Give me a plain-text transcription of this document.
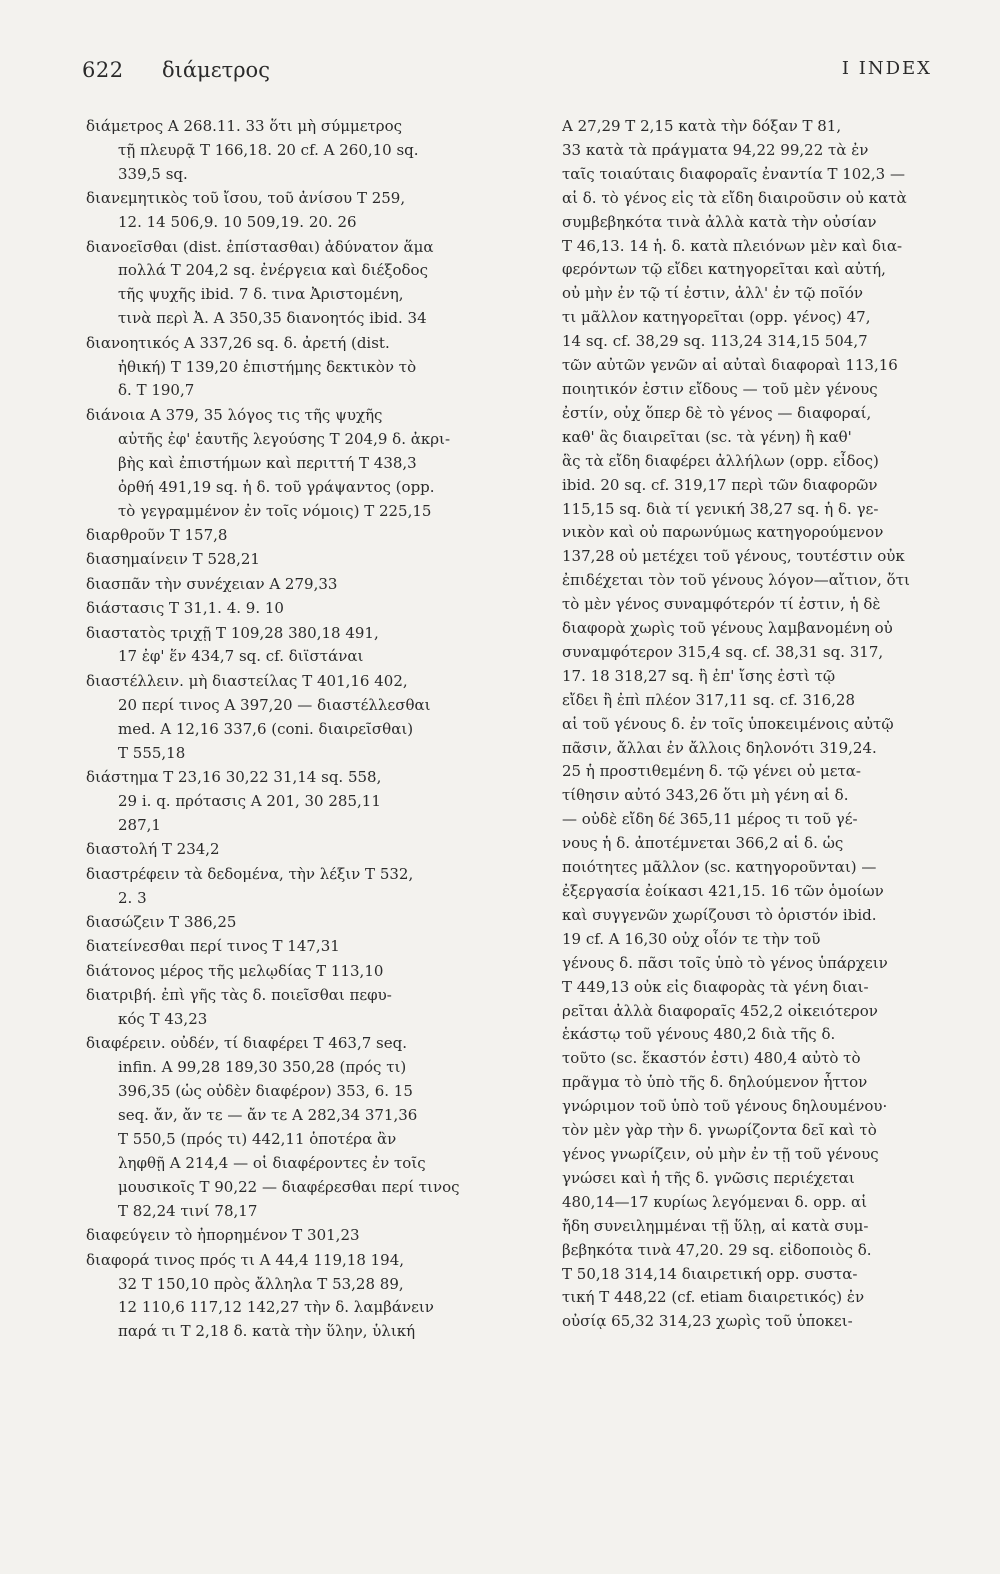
622 διάμετρος	I INDEX
διάμετρος Α 268.11. 33 ὅτι μὴ σύμμετρος
τῇ πλευρᾷ Τ 166,18. 20 cf. Α 260,10 sq.
339,5 sq.
διανεμητικὸς τοῦ ἴσου, τοῦ ἀνίσου Τ 259,
12. 14 506,9. 10 509,19. 20. 26
διανοεῖσθαι (dist. ἐπίστασθαι) ἀδύνατον ἅμα
πολλά Τ 204,2 sq. ἐνέργεια καὶ διέξοδος
τῆς ψυχῆς ibid. 7 δ. τινα Ἀριστομένη,
τινὰ περὶ Ἀ. Α 350,35 διανοητός ibid. 34
διανοητικός Α 337,26 sq. δ. ἀρετή (dist.
ἠθική) Τ 139,20 ἐπιστήμης δεκτικὸν τὸ
δ. Τ 190,7
διάνοια Α 379, 35 λόγος τις τῆς ψυχῆς
αὐτῆς ἐφ' ἑαυτῆς λεγούσης Τ 204,9 δ. ἀκρι-
βὴς καὶ ἐπιστήμων καὶ περιττή Τ 438,3
ὀρθή 491,19 sq. ἡ δ. τοῦ γράψαντος (opp.
τὸ γεγραμμένον ἐν τοῖς νόμοις) Τ 225,15
διαρθροῦν Τ 157,8
διασημαίνειν Τ 528,21
διασπᾶν τὴν συνέχειαν Α 279,33
διάστασις Τ 31,1. 4. 9. 10
διαστατὸς τριχῇ Τ 109,28 380,18 491,
17 ἐφ' ἕν 434,7 sq. cf. διϊστάναι
διαστέλλειν. μὴ διαστείλας Τ 401,16 402,
20 περί τινος Α 397,20 — διαστέλλεσθαι
med. Α 12,16 337,6 (coni. διαιρεῖσθαι)
Τ 555,18
διάστημα Τ 23,16 30,22 31,14 sq. 558,
29 i. q. πρότασις Α 201, 30 285,11
287,1
διαστολή Τ 234,2
διαστρέφειν τὰ δεδομένα, τὴν λέξιν Τ 532,
2. 3
διασώζειν Τ 386,25
διατείνεσθαι περί τινος Τ 147,31
διάτονος μέρος τῆς μελῳδίας Τ 113,10
διατριβή. ἐπὶ γῆς τὰς δ. ποιεῖσθαι πεφυ-
κός Τ 43,23
διαφέρειν. οὐδέν, τί διαφέρει Τ 463,7 seq.
infin. Α 99,28 189,30 350,28 (πρός τι)
396,35 (ὡς οὐδὲν διαφέρον) 353, 6. 15
seq. ἄν, ἄν τε — ἄν τε Α 282,34 371,36
Τ 550,5 (πρός τι) 442,11 ὁποτέρα ἂν
ληφθῇ Α 214,4 — οἱ διαφέροντες ἐν τοῖς
μουσικοῖς Τ 90,22 — διαφέρεσθαι περί τινος
Τ 82,24 τινί 78,17
διαφεύγειν τὸ ἠπορημένον Τ 301,23
διαφορά τινος πρός τι Α 44,4 119,18 194,
32 Τ 150,10 πρὸς ἄλληλα Τ 53,28 89,
12 110,6 117,12 142,27 τὴν δ. λαμβάνειν
παρά τι Τ 2,18 δ. κατὰ τὴν ὕλην, ὑλική
Α 27,29 Τ 2,15 κατὰ τὴν δόξαν Τ 81,
33 κατὰ τὰ πράγματα 94,22 99,22 τὰ ἐν
ταῖς τοιαύταις διαφοραῖς ἐναντία Τ 102,3 —
αἱ δ. τὸ γένος εἰς τὰ εἴδη διαιροῦσιν οὐ κατὰ
συμβεβηκότα τινὰ ἀλλὰ κατὰ τὴν οὐσίαν
Τ 46,13. 14 ἡ. δ. κατὰ πλειόνων μὲν καὶ δια-
φερόντων τῷ εἴδει κατηγορεῖται καὶ αὐτή,
οὐ μὴν ἐν τῷ τί ἐστιν, ἀλλ' ἐν τῷ ποῖόν
τι μᾶλλον κατηγορεῖται (opp. γένος) 47,
14 sq. cf. 38,29 sq. 113,24 314,15 504,7
τῶν αὐτῶν γενῶν αἱ αὐταὶ διαφοραὶ 113,16
ποιητικόν ἐστιν εἴδους — τοῦ μὲν γένους
ἐστίν, οὐχ ὅπερ δὲ τὸ γένος — διαφοραί,
καθ' ἃς διαιρεῖται (sc. τὰ γένη) ἢ καθ'
ἃς τὰ εἴδη διαφέρει ἀλλήλων (opp. εἶδος)
ibid. 20 sq. cf. 319,17 περὶ τῶν διαφορῶν
115,15 sq. διὰ τί γενική 38,27 sq. ἡ δ. γε-
νικὸν καὶ οὐ παρωνύμως κατηγορούμενον
137,28 οὐ μετέχει τοῦ γένους, τουτέστιν οὐκ
ἐπιδέχεται τὸν τοῦ γένους λόγον—αἴτιον, ὅτι
τὸ μὲν γένος συναμφότερόν τί ἐστιν, ἡ δὲ
διαφορὰ χωρὶς τοῦ γένους λαμβανομένη οὐ
συναμφότερον 315,4 sq. cf. 38,31 sq. 317,
17. 18 318,27 sq. ἢ ἐπ' ἴσης ἐστὶ τῷ
εἴδει ἢ ἐπὶ πλέον 317,11 sq. cf. 316,28
αἱ τοῦ γένους δ. ἐν τοῖς ὑποκειμένοις αὐτῷ
πᾶσιν, ἄλλαι ἐν ἄλλοις δηλονότι 319,24.
25 ἡ προστιθεμένη δ. τῷ γένει οὐ μετα-
τίθησιν αὐτό 343,26 ὅτι μὴ γένη αἱ δ.
— οὐδὲ εἴδη δέ 365,11 μέρος τι τοῦ γέ-
νους ἡ δ. ἀποτέμνεται 366,2 αἱ δ. ὡς
ποιότητες μᾶλλον (sc. κατηγοροῦνται) —
ἐξεργασία ἐοίκασι 421,15. 16 τῶν ὁμοίων
καὶ συγγενῶν χωρίζουσι τὸ ὁριστόν ibid.
19 cf. Α 16,30 οὐχ οἷόν τε τὴν τοῦ
γένους δ. πᾶσι τοῖς ὑπὸ τὸ γένος ὑπάρχειν
Τ 449,13 οὐκ εἰς διαφορὰς τὰ γένη διαι-
ρεῖται ἀλλὰ διαφοραῖς 452,2 οἰκειότερον
ἑκάστῳ τοῦ γένους 480,2 διὰ τῆς δ.
τοῦτο (sc. ἕκαστόν ἐστι) 480,4 αὐτὸ τὸ
πρᾶγμα τὸ ὑπὸ τῆς δ. δηλούμενον ἧττον
γνώριμον τοῦ ὑπὸ τοῦ γένους δηλουμένου·
τὸν μὲν γὰρ τὴν δ. γνωρίζοντα δεῖ καὶ τὸ
γένος γνωρίζειν, οὐ μὴν ἐν τῇ τοῦ γένους
γνώσει καὶ ἡ τῆς δ. γνῶσις περιέχεται
480,14—17 κυρίως λεγόμεναι δ. opp. αἱ
ἤδη συνειλημμέναι τῇ ὕλῃ, αἱ κατὰ συμ-
βεβηκότα τινὰ 47,20. 29 sq. εἰδοποιὸς δ.
Τ 50,18 314,14 διαιρετική opp. συστα-
τική Τ 448,22 (cf. etiam διαιρετικός) ἐν
οὐσίᾳ 65,32 314,23 χωρὶς τοῦ ὑποκει-
